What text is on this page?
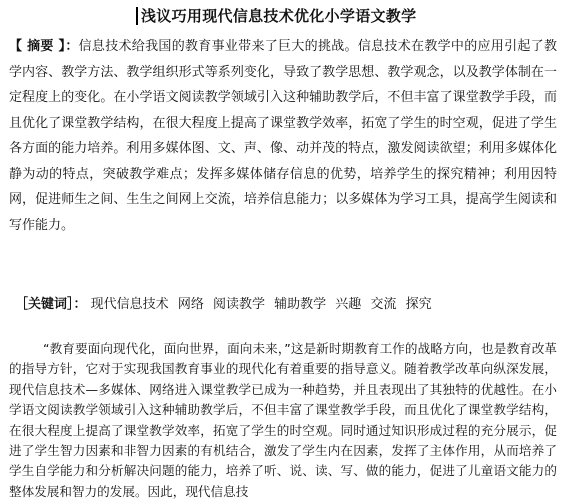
浅议巧用现代信息技术优化小学语文教学
【 摘要 】：信息技术给我国的教育事业带来了巨大的挑战。信息技术在教学中的应用引起了教学内容、教学方法、教学组织形式等系列变化，导致了教学思想、教学观念，以及教学体制在一定程度上的变化。在小学语文阅读教学领域引入这种辅助教学后，不但丰富了课堂教学手段，而且优化了课堂教学结构，在很大程度上提高了课堂教学效率，拓宽了学生的时空观，促进了学生各方面的能力培养。利用多媒体图、文、声、像、动并茂的特点，激发阅读欲望；利用多媒体化静为动的特点，突破教学难点；发挥多媒体储存信息的优势，培养学生的探究精神；利用因特网，促进师生之间、生生之间网上交流，培养信息能力；以多媒体为学习工具，提高学生阅读和写作能力。
［关键词］： 现代信息技术 网络 阅读教学 辅助教学 兴趣 交流 探究
“教育要面向现代化，面向世界，面向未来，”这是新时期教育工作的战略方向，也是教育改革的指导方针，它对于实现我国教育事业的现代化有着重要的指导意义。随着教学改革向纵深发展，现代信息技术—多媒体、网络进入课堂教学已成为一种趋势，并且表现出了其独特的优越性。在小学语文阅读教学领域引入这种辅助教学后，不但丰富了课堂教学手段，而且优化了课堂教学结构，在很大程度上提高了课堂教学效率，拓宽了学生的时空观。同时通过知识形成过程的充分展示，促进了学生智力因素和非智力因素的有机结合，激发了学生内在因素，发挥了主体作用，从而培养了学生自学能力和分析解决问题的能力，培养了听、说、读、写、做的能力，促进了儿童语文能力的整体发展和智力的发展。因此，现代信息技
